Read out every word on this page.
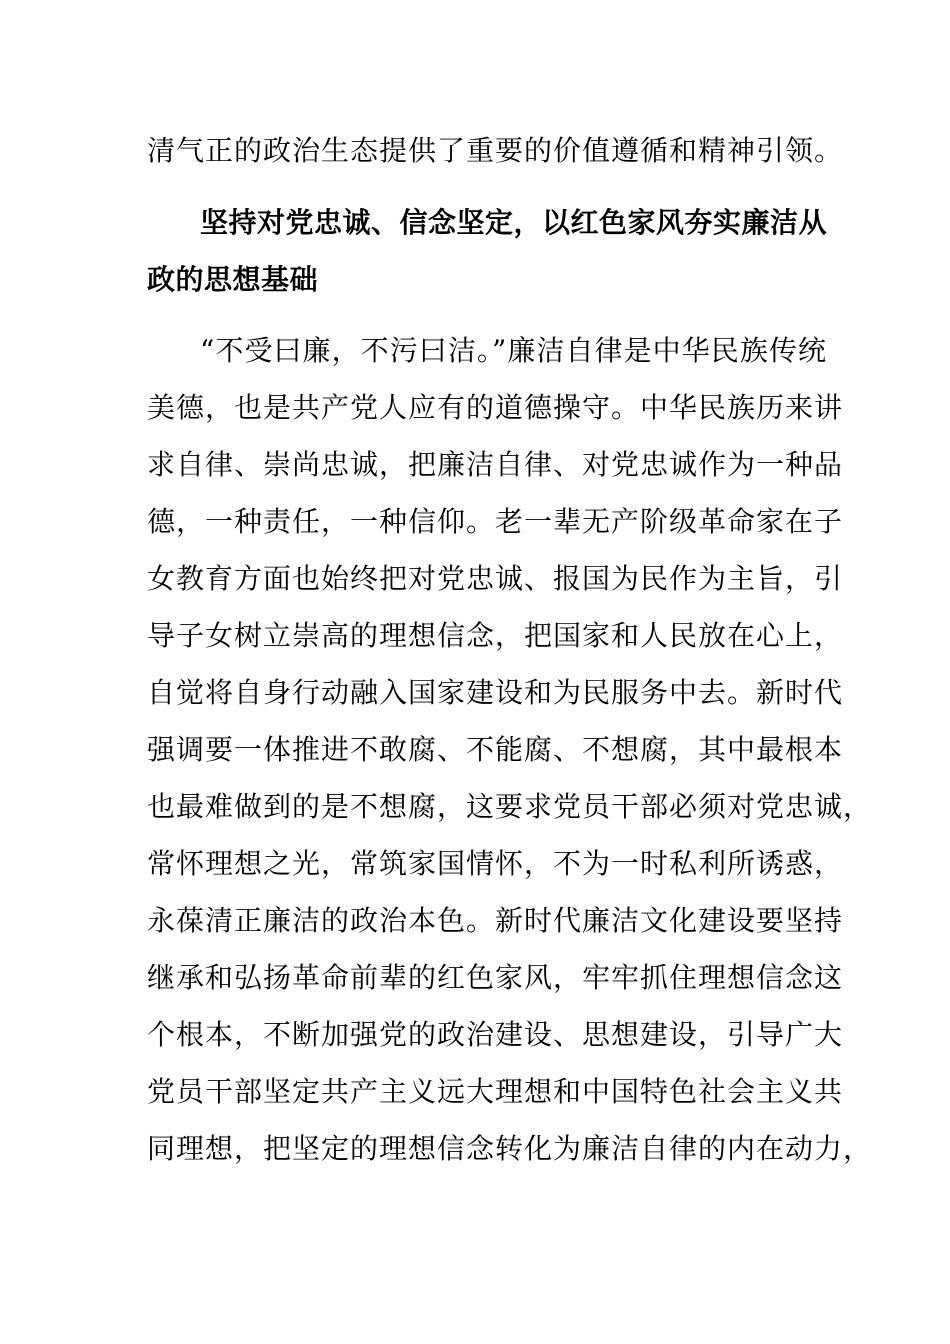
清气正的政治生态提供了重要的价值遵循和精神引领。
坚持对党忠诚、信念坚定，以红色家风夯实廉洁从
政的思想基础
“不受曰廉，不污曰洁。”廉洁自律是中华民族传统
美德，也是共产党人应有的道德操守。中华民族历来讲
求自律、崇尚忠诚，把廉洁自律、对党忠诚作为一种品
德，一种责任，一种信仰。老一辈无产阶级革命家在子
女教育方面也始终把对党忠诚、报国为民作为主旨，引
导子女树立崇高的理想信念，把国家和人民放在心上，
自觉将自身行动融入国家建设和为民服务中去。新时代
强调要一体推进不敢腐、不能腐、不想腐，其中最根本
也最难做到的是不想腐，这要求党员干部必须对党忠诚，
常怀理想之光，常筑家国情怀，不为一时私利所诱惑，
永葆清正廉洁的政治本色。新时代廉洁文化建设要坚持
继承和弘扬革命前辈的红色家风，牢牢抓住理想信念这
个根本，不断加强党的政治建设、思想建设，引导广大
党员干部坚定共产主义远大理想和中国特色社会主义共
同理想，把坚定的理想信念转化为廉洁自律的内在动力，
